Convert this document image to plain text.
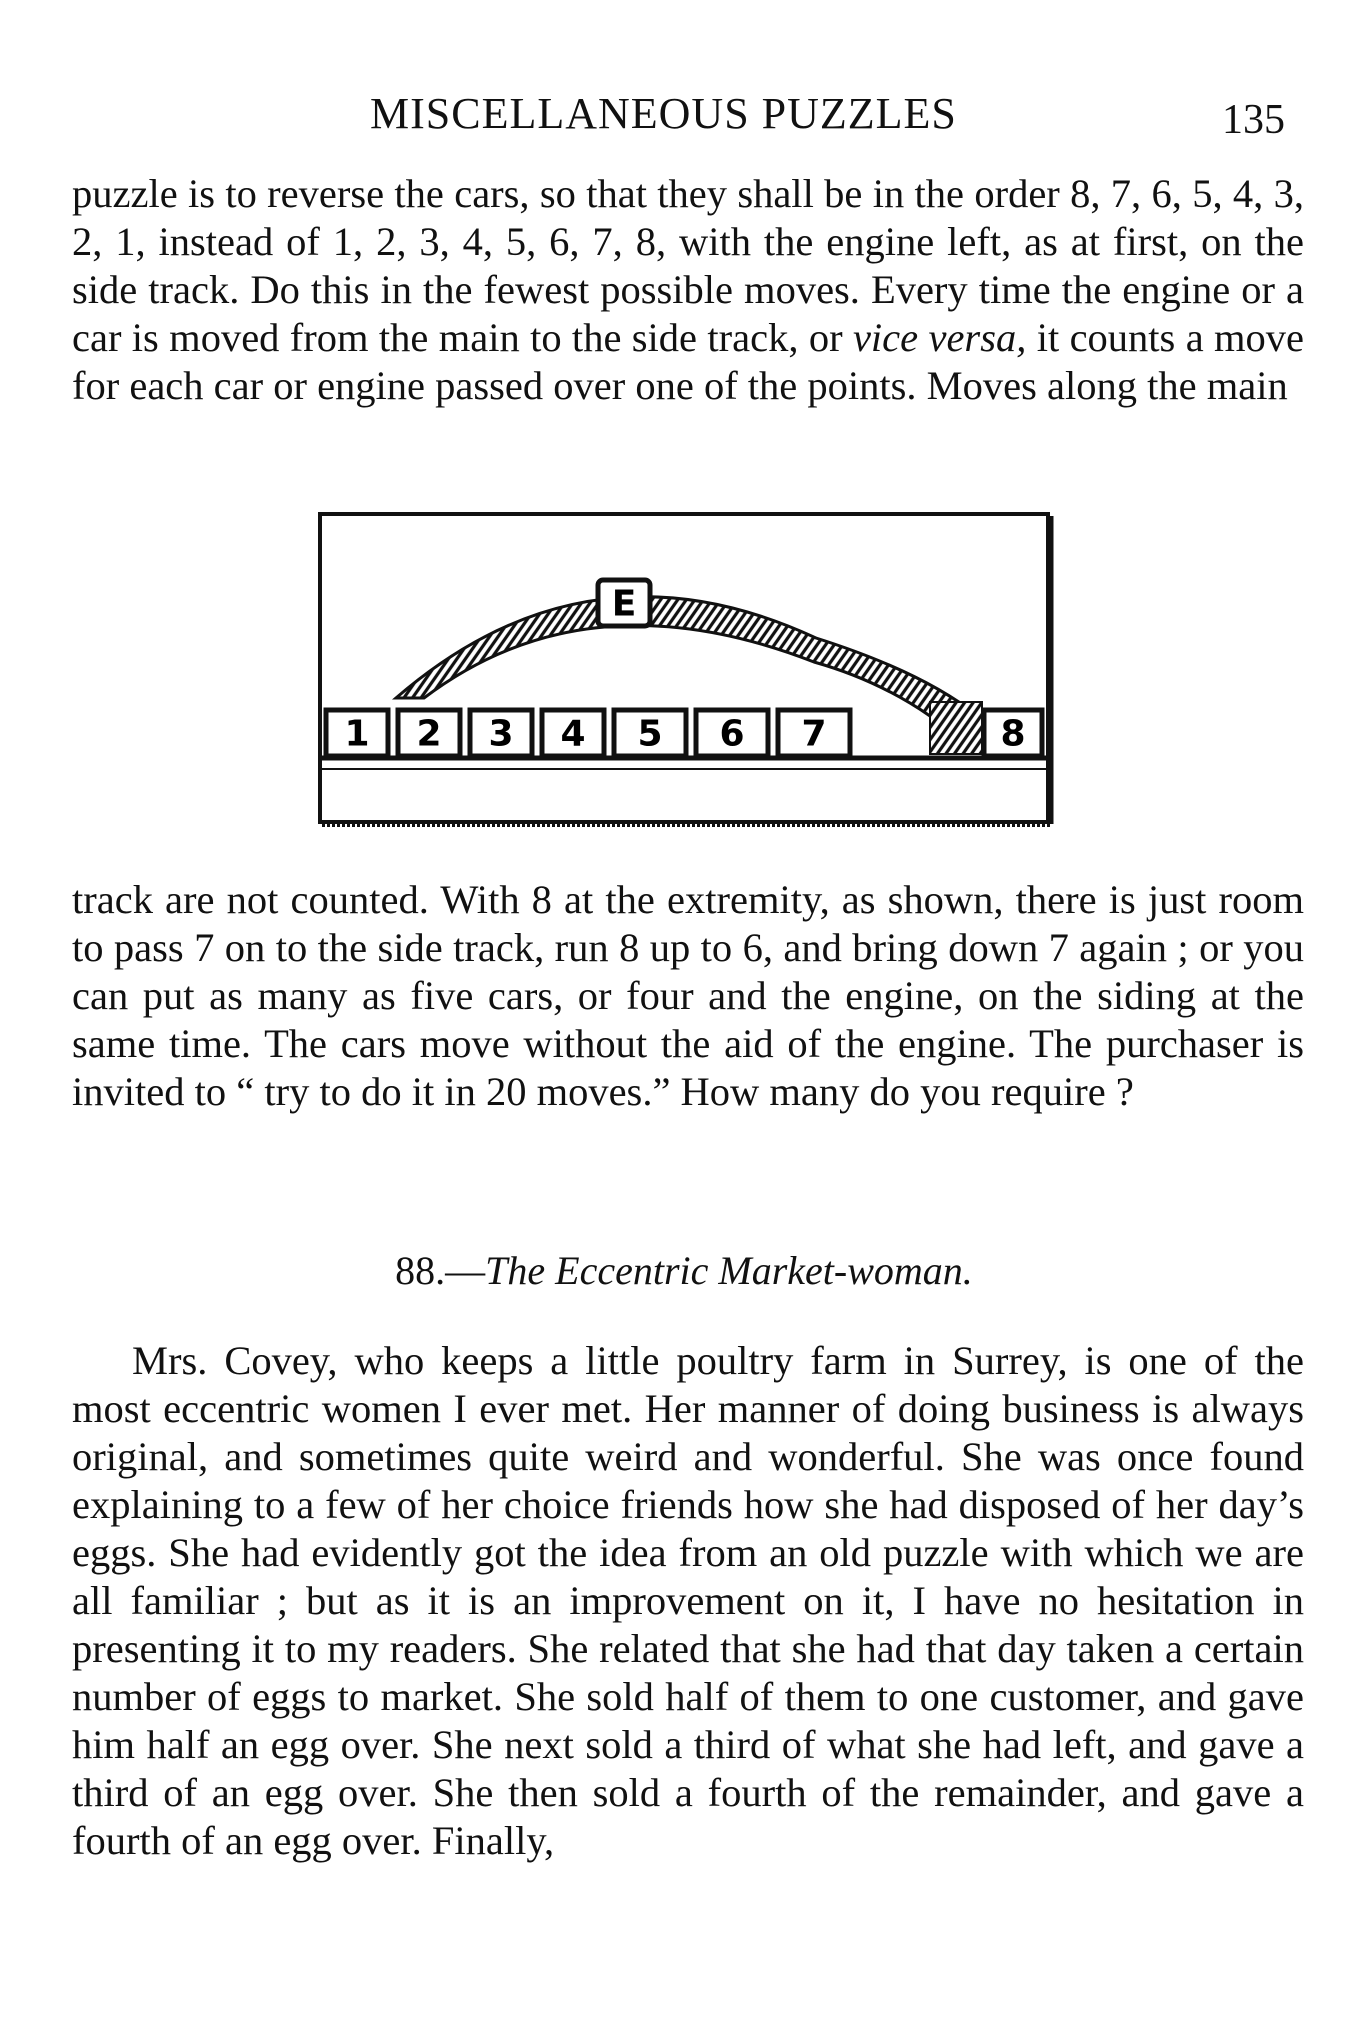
MISCELLANEOUS PUZZLES	135

puzzle is to reverse the cars, so that they shall be in the order 8, 7, 6, 5, 4, 3, 2, 1, instead of 1, 2, 3, 4, 5, 6, 7, 8, with the engine left, as at first, on the side track. Do this in the fewest possible moves. Every time the engine or a car is moved from the main to the side track, or vice versa, it counts a move for each car or engine passed over one of the points. Moves along the main

E
1 2 3 4 5 6 7	8

track are not counted. With 8 at the extremity, as shown, there is just room to pass 7 on to the side track, run 8 up to 6, and bring down 7 again ; or you can put as many as five cars, or four and the engine, on the siding at the same time. The cars move without the aid of the engine. The purchaser is invited to “ try to do it in 20 moves.” How many do you require ?

88.—The Eccentric Market-woman.

Mrs. Covey, who keeps a little poultry farm in Surrey, is one of the most eccentric women I ever met. Her manner of doing business is always original, and sometimes quite weird and wonderful. She was once found explaining to a few of her choice friends how she had disposed of her day’s eggs. She had evidently got the idea from an old puzzle with which we are all familiar ; but as it is an improvement on it, I have no hesitation in presenting it to my readers. She related that she had that day taken a certain number of eggs to market. She sold half of them to one customer, and gave him half an egg over. She next sold a third of what she had left, and gave a third of an egg over. She then sold a fourth of the remainder, and gave a fourth of an egg over. Finally,
